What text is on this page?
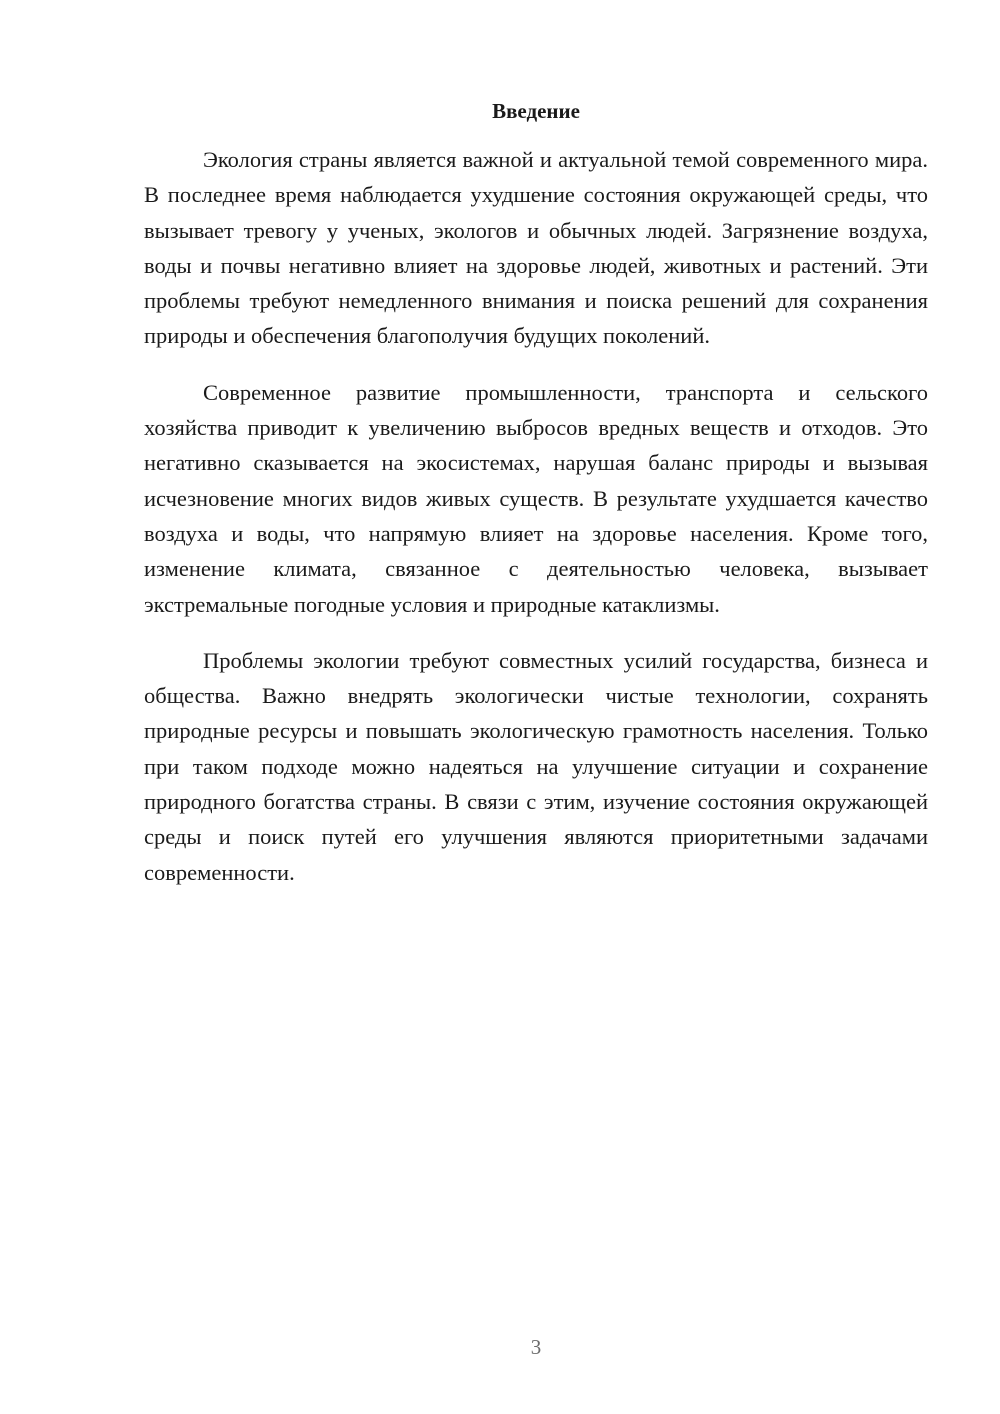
Введение

Экология страны является важной и актуальной темой современного мира. В последнее время наблюдается ухудшение состояния окружающей среды, что вызывает тревогу у ученых, экологов и обычных людей. Загрязнение воздуха, воды и почвы негативно влияет на здоровье людей, животных и растений. Эти проблемы требуют немедленного внимания и поиска решений для сохранения природы и обеспечения благополучия будущих поколений.

Современное развитие промышленности, транспорта и сельского хозяйства приводит к увеличению выбросов вредных веществ и отходов. Это негативно сказывается на экосистемах, нарушая баланс природы и вызывая исчезновение многих видов живых существ. В результате ухудшается качество воздуха и воды, что напрямую влияет на здоровье населения. Кроме того, изменение климата, связанное с деятельностью человека, вызывает экстремальные погодные условия и природные катаклизмы.

Проблемы экологии требуют совместных усилий государства, бизнеса и общества. Важно внедрять экологически чистые технологии, сохранять природные ресурсы и повышать экологическую грамотность населения. Только при таком подходе можно надеяться на улучшение ситуации и сохранение природного богатства страны. В связи с этим, изучение состояния окружающей среды и поиск путей его улучшения являются приоритетными задачами современности.

3
